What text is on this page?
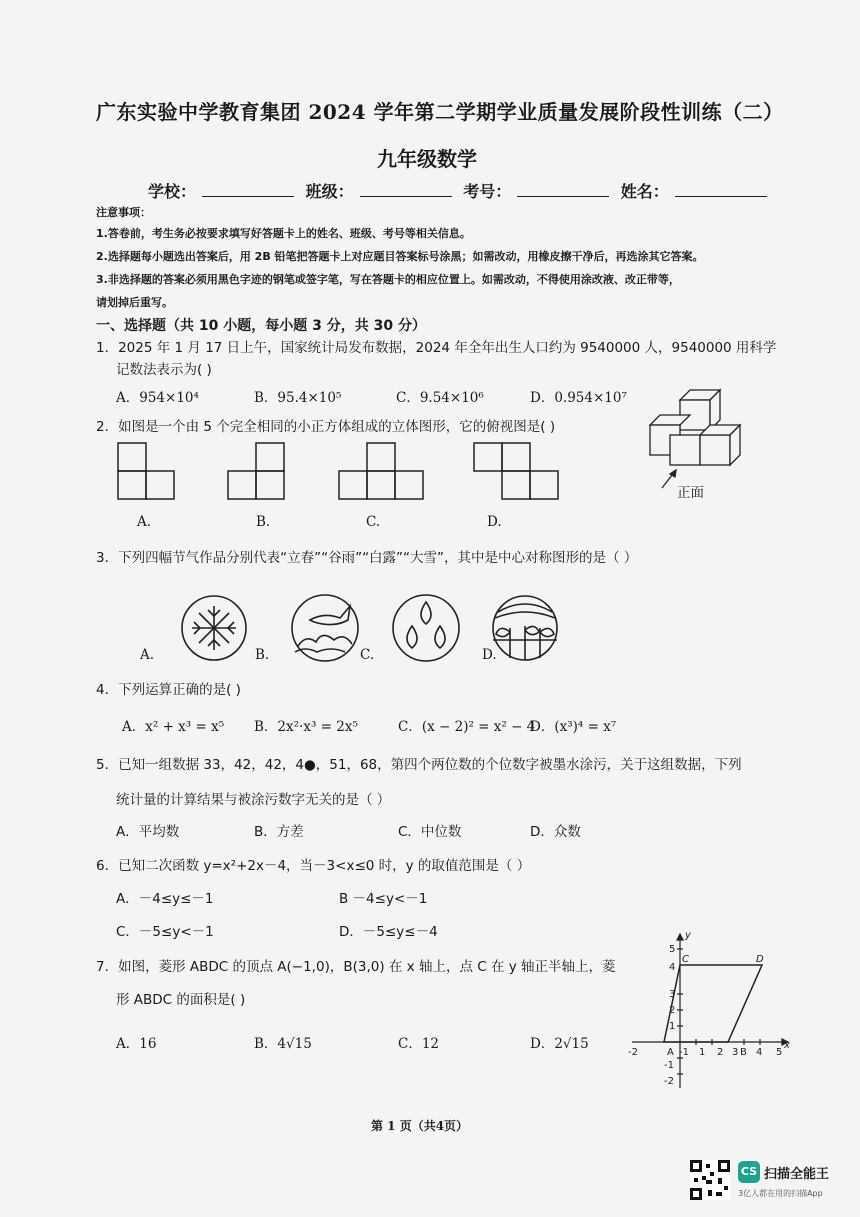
广东实验中学教育集团 2024 学年第二学期学业质量发展阶段性训练（二）
九年级数学
学校：	班级：	考号：	姓名：
注意事项：
1.答卷前，考生务必按要求填写好答题卡上的姓名、班级、考号等相关信息。
2.选择题每小题选出答案后，用 2B 铅笔把答题卡上对应题目答案标号涂黑；如需改动，用橡皮擦干净后，再选涂其它答案。
3.非选择题的答案必须用黑色字迹的钢笔或签字笔，写在答题卡的相应位置上。如需改动，不得使用涂改液、改正带等，
请划掉后重写。
一、选择题（共 10 小题，每小题 3 分，共 30 分）
1．2025 年 1 月 17 日上午，国家统计局发布数据，2024 年全年出生人口约为 9540000 人，9540000 用科学
记数法表示为( )
A．954×10⁴	B．95.4×10⁵	C．9.54×10⁶	D．0.954×10⁷
2．如图是一个由 5 个完全相同的小正方体组成的立体图形，它的俯视图是( )
A.	B.	C.	D.
正面
3．下列四幅节气作品分别代表“立春”“谷雨”“白露”“大雪”，其中是中心对称图形的是（ ）
A.	B.	C.	D.
4．下列运算正确的是( )
A．x² + x³ = x⁵ B．2x²·x³ = 2x⁵	C．(x − 2)² = x² − 4
D．(x³)⁴ = x⁷
5．已知一组数据 33，42，42，4●，51，68，第四个两位数的个位数字被墨水涂污，关于这组数据，下列
统计量的计算结果与被涂污数字无关的是（ ）
A．平均数	B．方差	C．中位数	D．众数
6．已知二次函数 y=x²+2x－4，当－3<x≤0 时，y 的取值范围是（ ）
A．－4≤y≤－1	B －4≤y<－1
C．－5≤y<－1	D．－5≤y≤－4
7．如图，菱形 ABDC 的顶点 A(−1,0)，B(3,0) 在 x 轴上，点 C 在 y 轴正半轴上，菱
形 ABDC 的面积是( )
A．16	B．4√15	C．12	D．2√15
-2	A -1 1 2 3 B 4 5
x
1
2
3
4
5
-1
-2
y
C	D
第 1 页（共4页）
CS 扫描全能王
3亿人都在用的扫描App
